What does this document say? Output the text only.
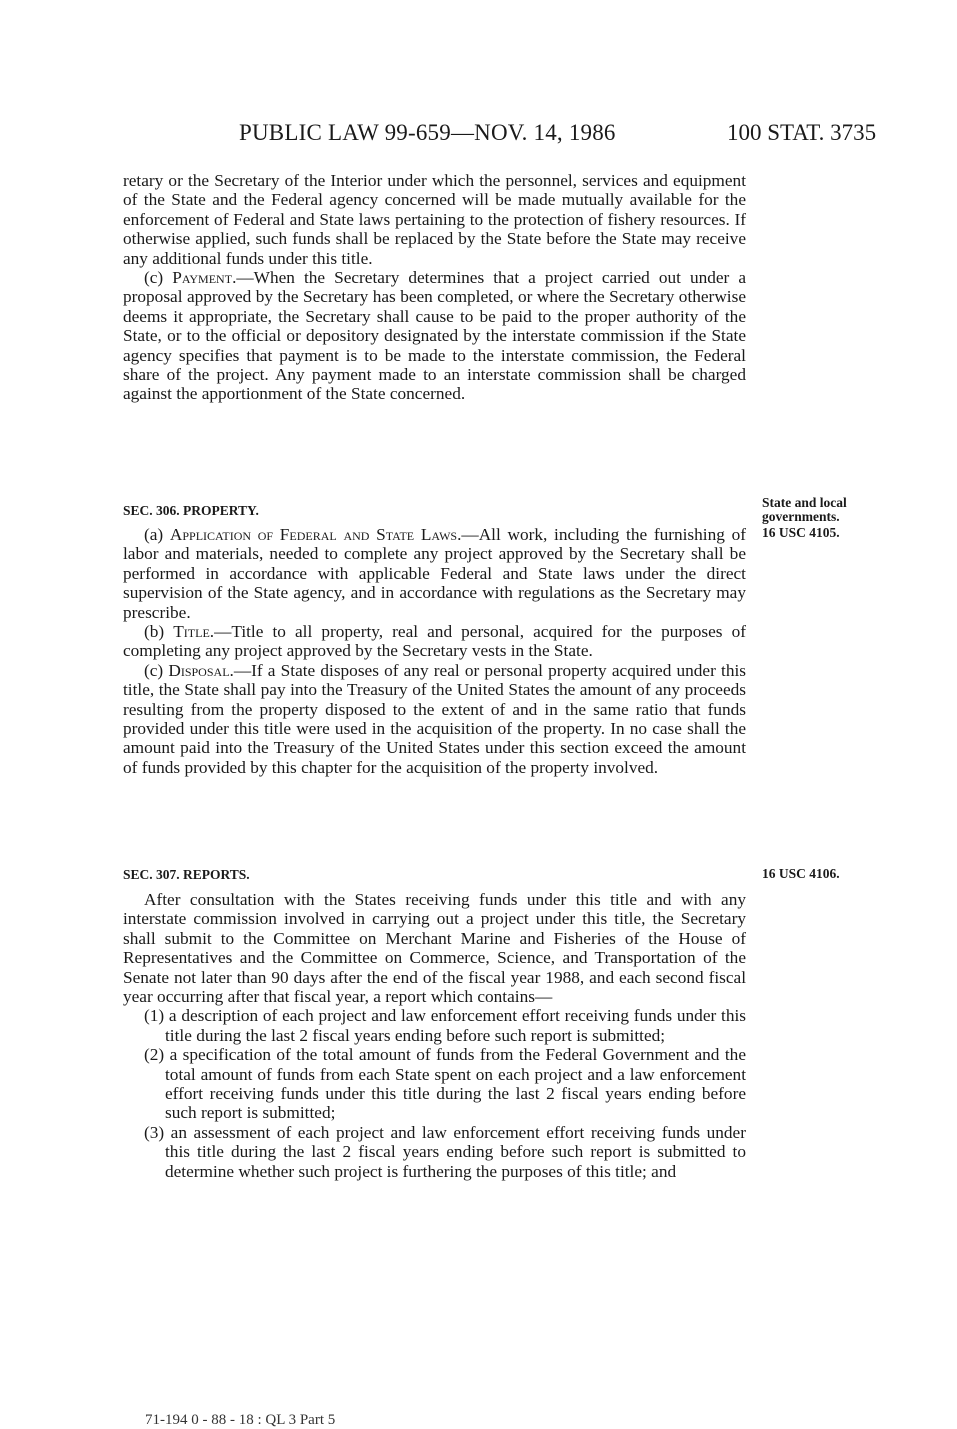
PUBLIC LAW 99-659—NOV. 14, 1986	100 STAT. 3735

retary or the Secretary of the Interior under which the personnel, services and equipment of the State and the Federal agency concerned will be made mutually available for the enforcement of Federal and State laws pertaining to the protection of fishery resources. If otherwise applied, such funds shall be replaced by the State before the State may receive any additional funds under this title.

(c) Payment.—When the Secretary determines that a project carried out under a proposal approved by the Secretary has been completed, or where the Secretary otherwise deems it appropriate, the Secretary shall cause to be paid to the proper authority of the State, or to the official or depository designated by the interstate commission if the State agency specifies that payment is to be made to the interstate commission, the Federal share of the project. Any payment made to an interstate commission shall be charged against the apportionment of the State concerned.

SEC. 306. PROPERTY.
State and local governments.
16 USC 4105.

(a) Application of Federal and State Laws.—All work, including the furnishing of labor and materials, needed to complete any project approved by the Secretary shall be performed in accordance with applicable Federal and State laws under the direct supervision of the State agency, and in accordance with regulations as the Secretary may prescribe.

(b) Title.—Title to all property, real and personal, acquired for the purposes of completing any project approved by the Secretary vests in the State.

(c) Disposal.—If a State disposes of any real or personal property acquired under this title, the State shall pay into the Treasury of the United States the amount of any proceeds resulting from the property disposed to the extent of and in the same ratio that funds provided under this title were used in the acquisition of the property. In no case shall the amount paid into the Treasury of the United States under this section exceed the amount of funds provided by this chapter for the acquisition of the property involved.

SEC. 307. REPORTS.	16 USC 4106.

After consultation with the States receiving funds under this title and with any interstate commission involved in carrying out a project under this title, the Secretary shall submit to the Committee on Merchant Marine and Fisheries of the House of Representatives and the Committee on Commerce, Science, and Transportation of the Senate not later than 90 days after the end of the fiscal year 1988, and each second fiscal year occurring after that fiscal year, a report which contains—

(1) a description of each project and law enforcement effort receiving funds under this title during the last 2 fiscal years ending before such report is submitted;

(2) a specification of the total amount of funds from the Federal Government and the total amount of funds from each State spent on each project and a law enforcement effort receiving funds under this title during the last 2 fiscal years ending before such report is submitted;

(3) an assessment of each project and law enforcement effort receiving funds under this title during the last 2 fiscal years ending before such report is submitted to determine whether such project is furthering the purposes of this title; and

71-194 0 - 88 - 18 : QL 3 Part 5
